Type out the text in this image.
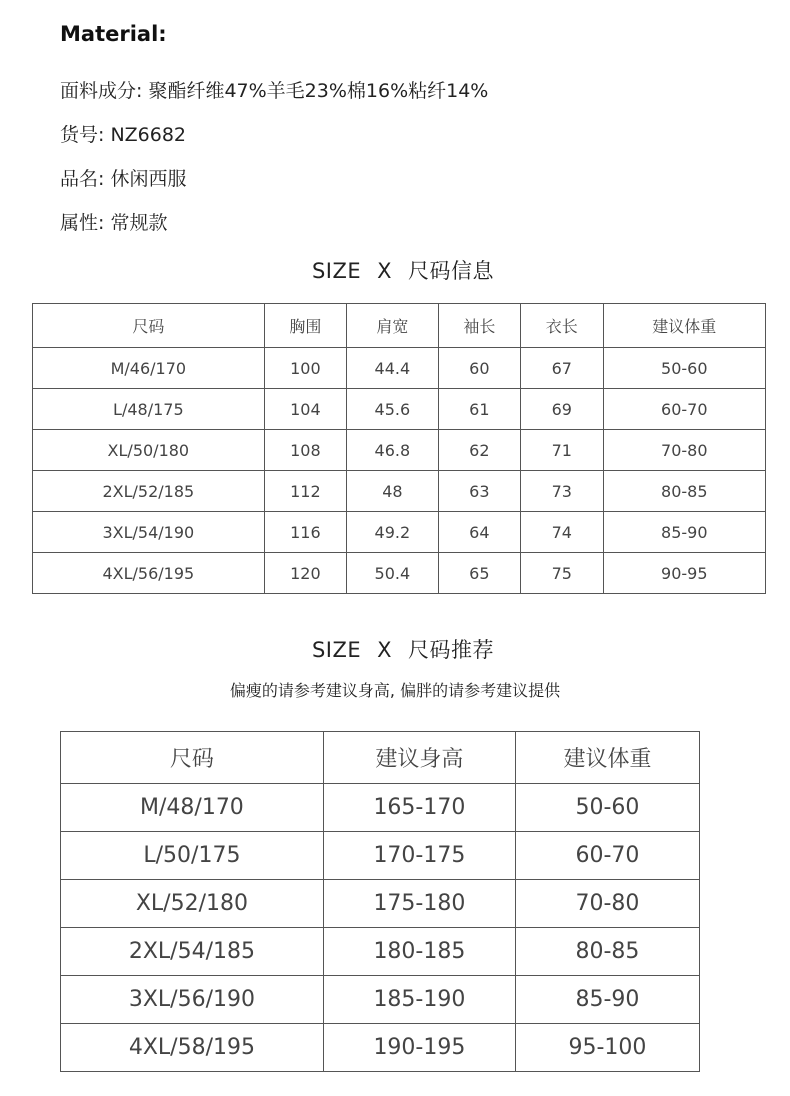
Material:
面料成分: 聚酯纤维47%羊毛23%棉16%粘纤14%
货号: NZ6682
品名: 休闲西服
属性: 常规款
SIZE X 尺码信息
尺码	胸围	肩宽	袖长	衣长	建议体重
M/46/170	100	44.4	60	67	50-60
L/48/175	104	45.6	61	69	60-70
XL/50/180	108	46.8	62	71	70-80
2XL/52/185	112	48	63	73	80-85
3XL/54/190	116	49.2	64	74	85-90
4XL/56/195	120	50.4	65	75	90-95
SIZE X 尺码推荐
偏瘦的请参考建议身高, 偏胖的请参考建议提供
尺码	建议身高	建议体重
M/48/170	165-170	50-60
L/50/175	170-175	60-70
XL/52/180	175-180	70-80
2XL/54/185	180-185	80-85
3XL/56/190	185-190	85-90
4XL/58/195	190-195	95-100
